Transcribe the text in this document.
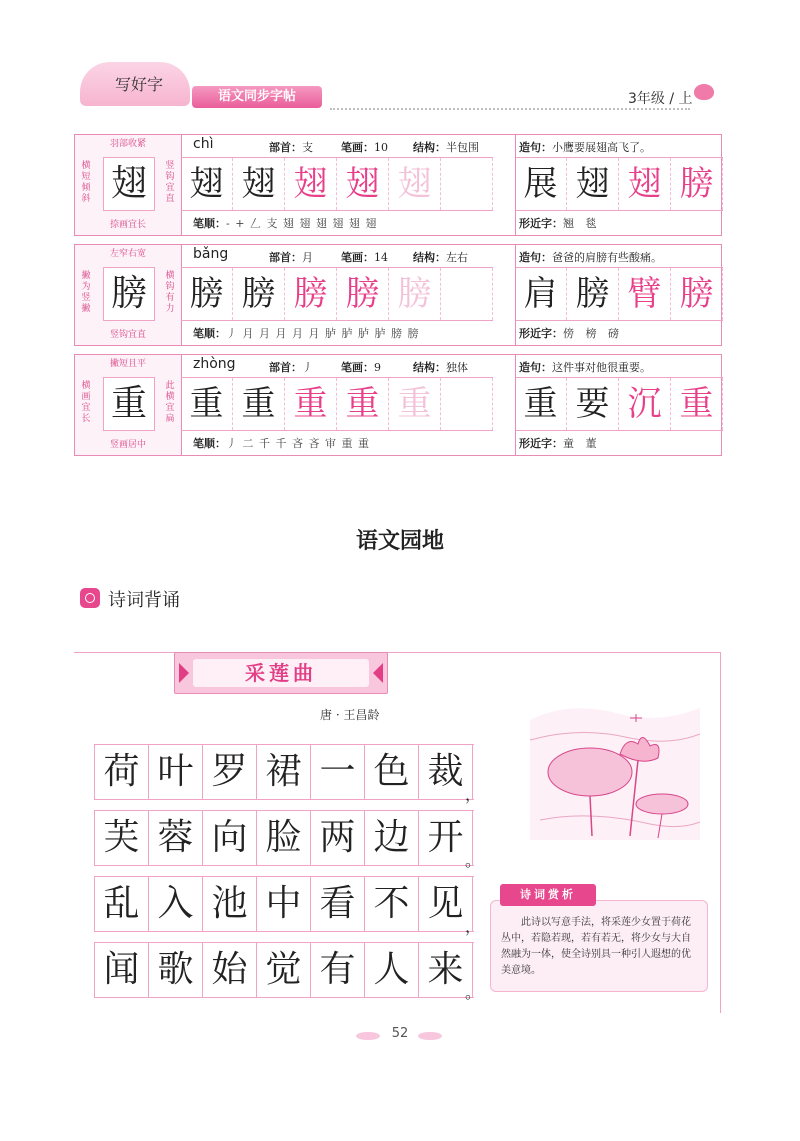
写好字
语文同步字帖	3年级 / 上
羽部收紧
横短倾斜
竖钩宜直
翅
捺画宜长
chì	部首：支	笔画：10 结构：半包围	造句：小鹰要展翅高飞了。
翅 翅 翅 翅 翅	展 翅 翅 膀
笔顺：- + 𠃋 支 翅 翅 翅 翅 翅 翅	形近字：翘 毯
左窄右宽
撇为竖撇
横钩有力
膀
竖钩宜直
bǎng	部首：月	笔画：14 结构：左右	造句：爸爸的肩膀有些酸痛。
膀 膀 膀 膀 膀	肩 膀 臂 膀
笔顺：丿 月 月 月 月 月 胪 胪 胪 胪 膀 膀	形近字：傍 榜 磅
撇短且平
横画宜长
此横宜扁
重
竖画居中
zhòng	部首：丿	笔画：9	结构：独体	造句：这件事对他很重要。
重 重 重 重 重	重 要 沉 重
笔顺：丿 二 千 千 吝 吝 审 重 重	形近字：童 董
语文园地
诗词背诵
采莲曲
唐 · 王昌龄
荷 叶 罗 裙 一 色 裁
，
芙 蓉 向 脸 两 边 开
。
乱 入 池 中 看 不 见
，
闻 歌 始 觉 有 人 来
。
此诗以写意手法，将采莲少女置于荷花丛中，若隐若现，若有若无，将少女与大自然融为一体，使全诗别具一种引人遐想的优美意境。
诗词赏析
52
